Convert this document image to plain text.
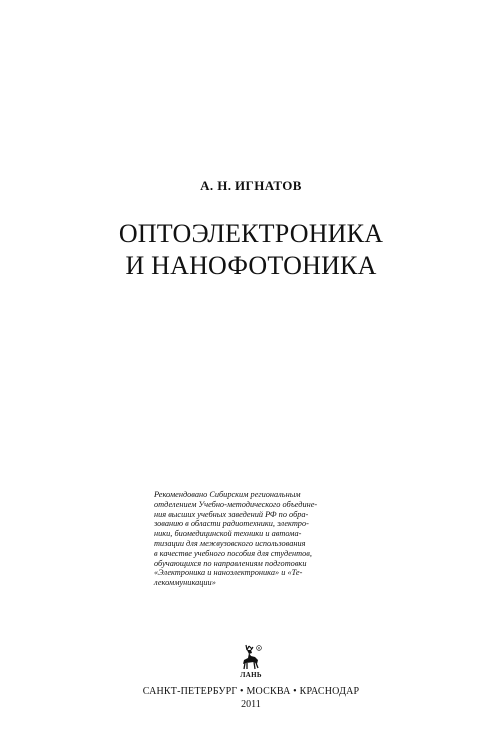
А. Н. ИГНАТОВ
ОПТОЭЛЕКТРОНИКА
И НАНОФОТОНИКА
Рекомендовано Сибирским региональным
отделением Учебно-методического объедине-
ния высших учебных заведений РФ по обра-
зованию в области радиотехники, электро-
ники, биомедицинской техники и автома-
тизации для межвузовского использования
в качестве учебного пособия для студентов,
обучающихся по направлениям подготовки
«Электроника и наноэлектроника» и «Те-
лекоммуникации»
R
ЛАНЬ
САНКТ-ПЕТЕРБУРГ • МОСКВА • КРАСНОДАР
2011
